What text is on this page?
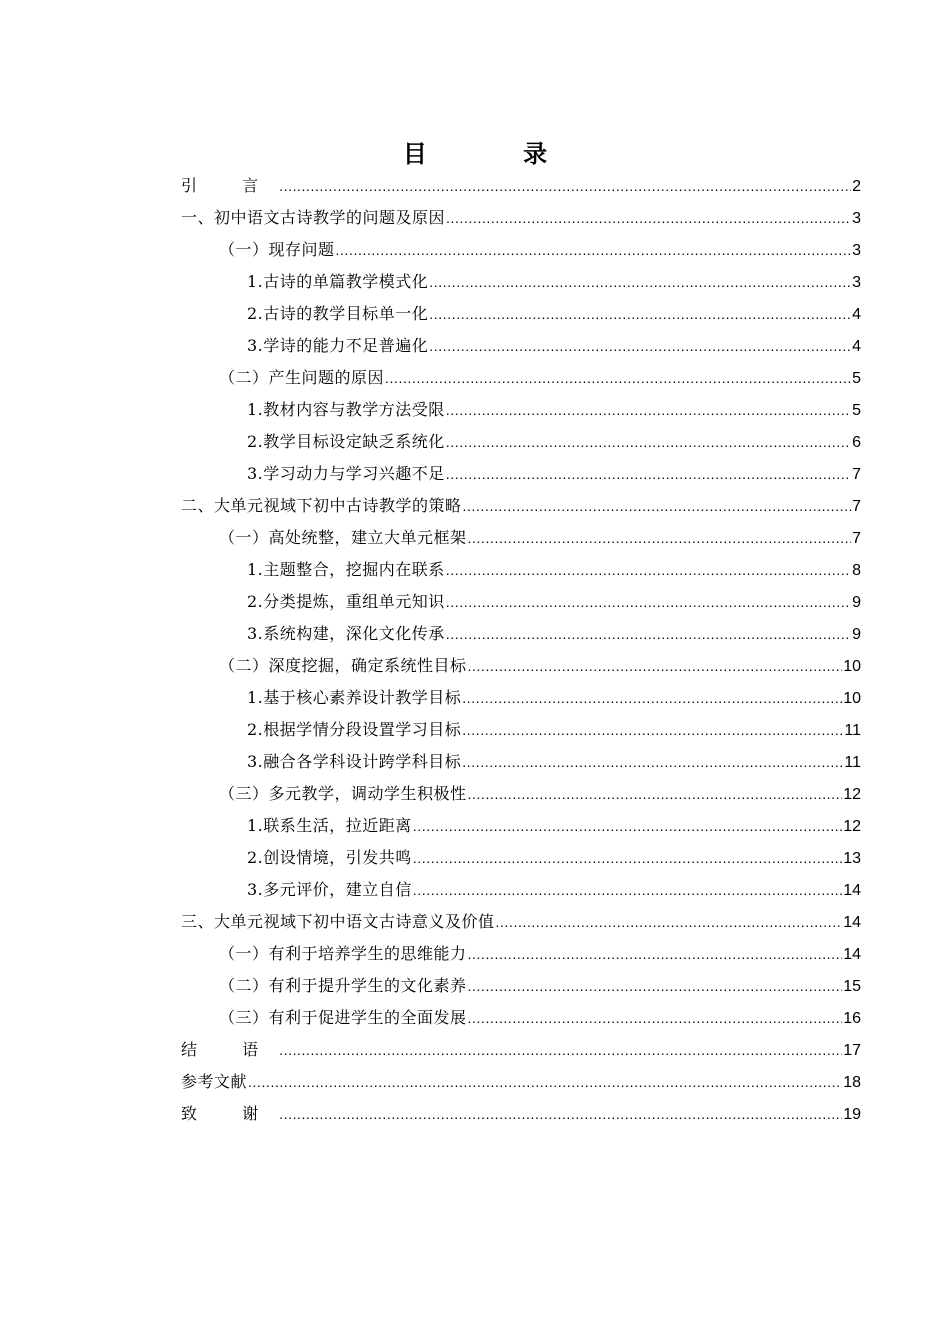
目 录
引 言 .....	2
一、初中语文古诗教学的问题及原因 .....	3
（一）现存问题 .....	3
1.古诗的单篇教学模式化 .....	3
2.古诗的教学目标单一化 .....	4
3.学诗的能力不足普遍化 .....	4
（二）产生问题的原因 .....	5
1.教材内容与教学方法受限 .....	5
2.教学目标设定缺乏系统化 .....	6
3.学习动力与学习兴趣不足 .....	7
二、大单元视域下初中古诗教学的策略 .....	7
（一）高处统整，建立大单元框架 .....	7
1.主题整合，挖掘内在联系 .....	8
2.分类提炼，重组单元知识 .....	9
3.系统构建，深化文化传承 .....	9
（二）深度挖掘，确定系统性目标 .....	10
1.基于核心素养设计教学目标 .....	10
2.根据学情分段设置学习目标 .....	11
3.融合各学科设计跨学科目标 .....	11
（三）多元教学，调动学生积极性 .....	12
1.联系生活，拉近距离 .....	12
2.创设情境，引发共鸣 .....	13
3.多元评价，建立自信 .....	14
三、大单元视域下初中语文古诗意义及价值 .....	14
（一）有利于培养学生的思维能力 .....	14
（二）有利于提升学生的文化素养 .....	15
（三）有利于促进学生的全面发展 .....	16
结 语 .....	17
参考文献 .....	18
致 谢 .....	19
